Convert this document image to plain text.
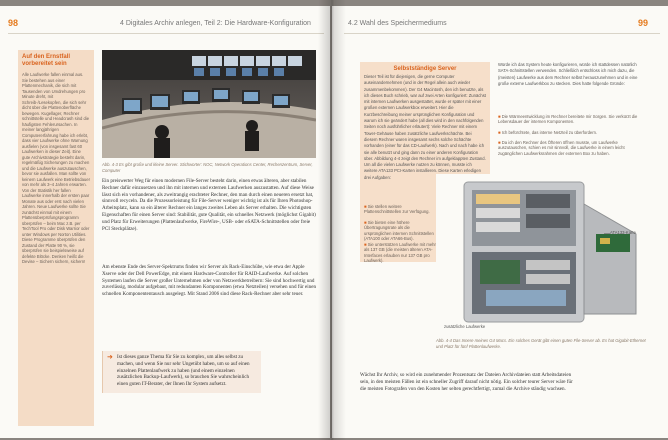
98	4 Digitales Archiv anlegen, Teil 2: Die Hardware-Konfiguration
Auf den Ernstfall vorbereitet sein
Alle Laufwerke fallen einmal aus. Sie bestehen aus einer Plattenmechanik, die sich mit Tausenden von Umdrehungen pro Minute dreht, mit Schreib-/Lesekopfen, die sich sehr dicht über die Plattenoberfläche bewegen. Kugellager, Rechner schnittstelle und Headcrash sind die häufigsten Fehlerursachen. In meiner langjährigen Computererfahrung habe ich erlebt, dass vier Laufwerke ohne Warnung ausfielen (von insgesamt fast 60 Laufwerken in dieser Zeit). Eine gute Archivstrategie besteht darin, regelmäßig Sicherungen zu machen und die Laufwerke auszutauschen, bevor sie ausfallen. Man sollte von keinem Laufwerk eine Betriebsdauer von mehr als 3–4 Jahren erwarten. Von der Statistik her fallen Laufwerke innerhalb der ersten paar Monate aus oder erst nach vielen Jahren. Neue Laufwerke sollte Sie zunächst einmal mit einem Plattenüberprüfungsprogramm überprüfen – beim Mac z.B. per TechTool Pro oder Disk Warrior oder unter Windows per Norton Utilities. Diese Programme überprüfen den Zustand der Platte 90 %, sie überprüfen sie beispielsweise auf defekte Blöcke. Denken heißt die Devise – Sichern sichern, sichern!
Abb. 4-3 Es gibt große und kleine Server. Stichworter: NOC, Network Operations Center, Rechenzentrum, Server, Computer
Ein preiswerter Weg für einen modernen File-Server besteht darin, einen etwas älteren, aber stabilen Rechner dafür einzusetzen und ihn mit internen und externen Laufwerken auszustatten. Auf diese Weise lässt sich ein vorhandener, als zweitrangig erachteter Rechner, den man durch einen neueren ersetzt hat, sinnvoll recyceln. Da die Prozessorleistung für File-Server weniger wichtig ist als für Ihren Photoshop-Arbeitsplatz, kann so ein älterer Rechner ein langes zweites Leben als Server erhalten. Die wichtigsten Eigenschaften für einen Server sind: Stabilität, gute Qualität, ein schnelles Netzwerk (möglichst Gigabit) und Platz für Erweiterungen (Plattenlaufwerke, FireWire-, USB- oder eSATA-Schnittstellen oder freie PCI Steckplätze).
Am ebenste Ende des Server-Spektrums finden wir Server als Rack-Einschübe, wie etwa der Apple Xserve oder der Dell PowerEdge, mit einem Hardware-Controller für RAID-Laufwerke. Auf solchen Systemen laufen die Server großer Unternehmen oder von Netzwerkbetreibern: Sie sind hochwertig und zuverlässig, modular aufgebaut, mit redundanten Komponenten (etwa Netzteilen) versehen und für einen schnellen Komponententausch ausgelegt. Mit Stand 2006 sind diese Rack-Rechner aber sehr teuer.
➜ Ist dieses ganze Thema für Sie zu komplex, um alles selbst zu machen, und wenn Sie nur sehr Ungetübt haben, um so auf einen einzelnen Plattenlaufwerk zu haben (und einem einzelnen zusätzlichen Backup-Laufwerk), so brauchen Sie wahrscheinlich einen guten IT-Berater, der Ihnen Ihr System aufsetzt.
4.2 Wahl des Speichermediums	99
Selbstständige Server
Dieser Teil ist für diejenigen, die gerne Computer auseinandernehmen (und in der Regel allein auch wieder zusammenbekommen). Der G4 Macintosh, den ich benutzte, als ich dieses Buch schrieb, war auf zwei Arten konfiguriert: Zunächst mit internen Laufwerken ausgestattet, wurde er später mit einer großen externen Laufwerkbox erweitert. Hier die Kurzbeschreibung meiner ursprünglichen Konfiguration und warum ich sie geändert habe (all dies wird in den nachfolgenden Seiten noch ausführlicher erläutert): Viele Rechner mit einem Tower-Gehäuse haben zusätzliche Laufwerkschächte. Bei diesem Rechner waren insgesamt sechs solche Schächte vorhanden (einer für das CD-Laufwerk). Nach und nach habe ich sie alle benutzt und ging dann zu einer anderen Konfiguration über. Abbildung 4-4 zeigt den Rechner im aufgeklappten Zustand. Um all die vielen Laufwerke nutzen zu können, musste ich weitere ATA133 PCI-Karten installieren. Diese Karten erledigen drei Aufgaben:
■ Sie stellen weitere Plattenschnittstellen zur Verfügung.
■ Sie bieten eine höhere Übertragungsrate als die ursprünglichen internen Schnittstellen (ATA100 oder ATA66-Bus).
■ Sie unterstützen Laufwerke mit mehr als 137 GB (die meisten älteren ATA-Interfaces erlauben nur 137 GB pro Laufwerk).
Würde ich das System heute konfigurieren, würde ich stattdessen natürlich SATA-Schnittstellen verwenden. Schließlich entschloss ich mich dazu, die (meisten) Laufwerke aus dem Rechner selbst herauszunehmen und in eine große externe Laufwerkbox zu stecken. Dies hatte folgende Gründe:
■ Die Wärmeentwicklung im Rechner bereitete mir Sorgen. Sie verkürzt die Lebensdauer der internen Komponenten.
■ Ich befürchtete, das interne Netzteil zu überfordern.
■ Da ich den Rechner des Öfteren öffnen musste, um Laufwerke auszutauschen, schien es mir sinnvoll, die Laufwerke in einem leicht zugänglichen Laufwerksrahmen der externen Box zu haben.
ATA133-Karte
zusätzliche Laufwerke
Abb. 4-4 Das Innere meines G4 Macs. Ein solches Gerät gibt einen guten File-Server ab. Es hat Gigabit-Ethernet und Platz für fünf Plattenlaufwerke.
Wächst Ihr Archiv, so wird ein zunehmender Prozentsatz der Dateien Archivdateien statt Arbeitsdateien sein, in den meisten Fällen ist ein schneller Zugriff darauf nicht nötig. Ein solcher teurer Server wäre für die meisten Fotografen von den Kosten her selten gerechtfertigt, zumal die Archive ständig wachsen.
